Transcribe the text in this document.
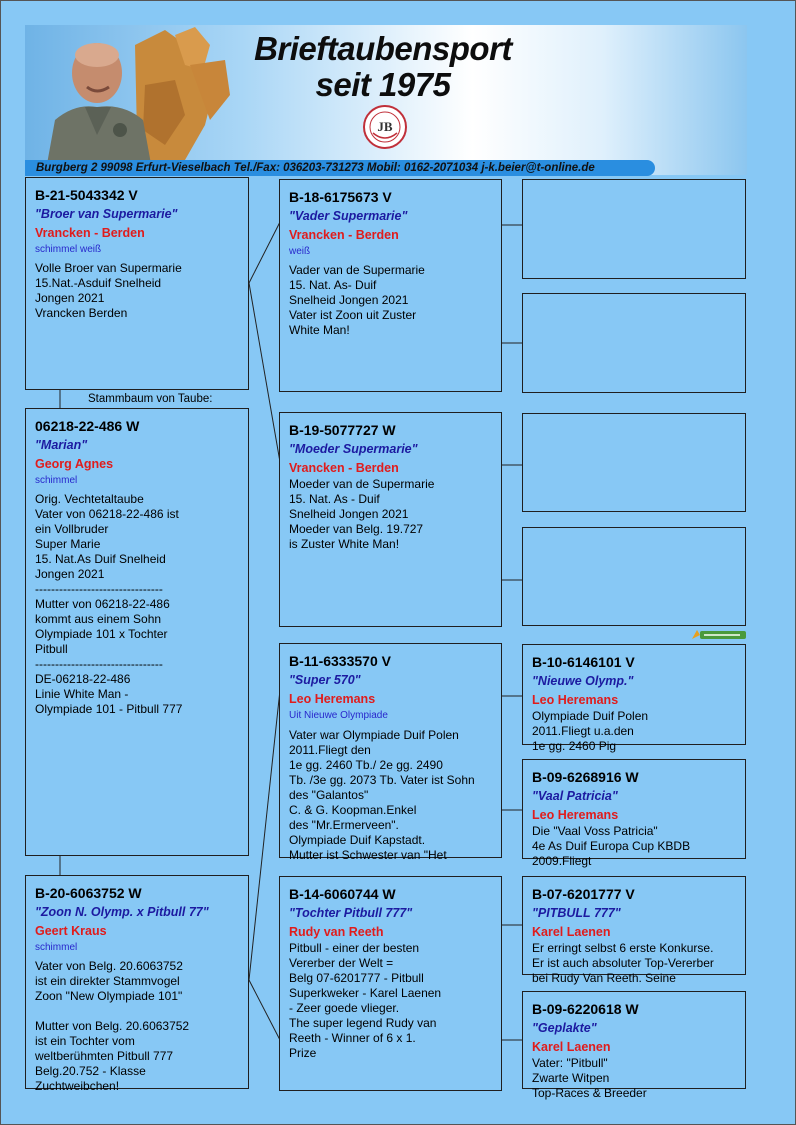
Brieftaubensport
seit 1975
JB
Burgberg 2 99098 Erfurt-Vieselbach Tel./Fax: 036203-731273 Mobil: 0162-2071034 j-k.beier@t-online.de
B-21-5043342 V
"Broer van Supermarie"
Vrancken - Berden
schimmel weiß
Volle Broer van Supermarie
15.Nat.-Asduif Snelheid
Jongen 2021
Vrancken Berden
Stammbaum von Taube:
06218-22-486 W
"Marian"
Georg Agnes
schimmel
Orig. Vechtetaltaube
Vater von 06218-22-486 ist
ein Vollbruder
Super Marie
15. Nat.As Duif Snelheid
Jongen 2021
--------------------------------
Mutter von 06218-22-486
kommt aus einem Sohn
Olympiade 101 x Tochter
Pitbull
--------------------------------
DE-06218-22-486
Linie White Man -
Olympiade 101 - Pitbull 777
B-20-6063752 W
"Zoon N. Olymp. x Pitbull 77"
Geert Kraus
schimmel
Vater von Belg. 20.6063752
ist ein direkter Stammvogel
Zoon "New Olympiade 101"

Mutter von Belg. 20.6063752
ist ein Tochter vom
weltberühmten Pitbull 777
Belg.20.752 - Klasse
Zuchtweibchen!
B-18-6175673 V
"Vader Supermarie"
Vrancken - Berden
weiß
Vader van de Supermarie
15. Nat. As- Duif
Snelheid Jongen 2021
Vater ist Zoon uit Zuster
White Man!
B-19-5077727 W
"Moeder Supermarie"
Vrancken - Berden
Moeder van de Supermarie
15. Nat. As - Duif
Snelheid Jongen 2021
Moeder van Belg. 19.727
is Zuster White Man!
B-11-6333570 V
"Super 570"
Leo Heremans
Uit Nieuwe Olympiade
Vater war Olympiade Duif Polen
2011.Fliegt den
1e gg. 2460 Tb./ 2e gg. 2490
Tb. /3e gg. 2073 Tb. Vater ist Sohn
des "Galantos"
C. & G. Koopman.Enkel
des "Mr.Ermerveen".
Olympiade Duif Kapstadt.
Mutter ist Schwester van "Het
B-14-6060744 W
"Tochter Pitbull 777"
Rudy van Reeth
Pitbull - einer der besten
Vererber der Welt =
Belg 07-6201777 - Pitbull
Superkweker - Karel Laenen
- Zeer goede vlieger.
The super legend Rudy van
Reeth - Winner of 6 x 1.
Prize
B-10-6146101 V
"Nieuwe Olymp."
Leo Heremans
Olympiade Duif Polen
2011.Fliegt u.a.den
1e gg. 2460 Pig
B-09-6268916 W
"Vaal Patricia"
Leo Heremans
Die "Vaal Voss Patricia"
4e As Duif Europa Cup KBDB
2009.Fliegt
B-07-6201777 V
"PITBULL 777"
Karel Laenen
Er erringt selbst 6 erste Konkurse.
Er ist auch absoluter Top-Vererber
bei Rudy Van Reeth. Seine
B-09-6220618 W
"Geplakte"
Karel Laenen
Vater: "Pitbull"
Zwarte Witpen
Top-Races & Breeder
